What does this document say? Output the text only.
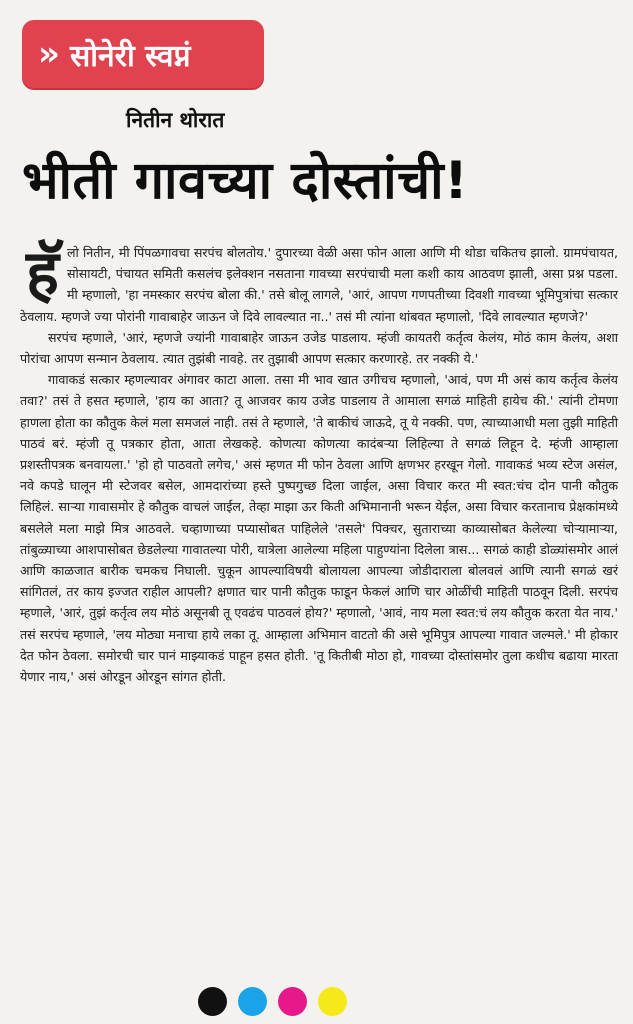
» सोनेरी स्वप्नं
नितीन थोरात
भीती गावच्या दोस्तांची!

हॅ लो नितीन, मी पिंपळगावचा सरपंच बोलतोय.' दुपारच्या वेळी असा फोन आला आणि मी थोडा चकितच झालो. ग्रामपंचायत, सोसायटी, पंचायत समिती कसलंच इलेक्शन नसताना गावच्या सरपंचाची मला कशी काय आठवण झाली, असा प्रश्न पडला. मी म्हणालो, 'हा नमस्कार सरपंच बोला की.' तसे बोलू लागले, 'आरं, आपण गणपतीच्या दिवशी गावच्या भूमिपुत्रांचा सत्कार ठेवलाय. म्हणजे ज्या पोरांनी गावाबाहेर जाऊन जे दिवे लावल्यात ना..' तसं मी त्यांना थांबवत म्हणालो, 'दिवे लावल्यात म्हणजे?'

सरपंच म्हणाले, 'आरं, म्हणजे ज्यांनी गावाबाहेर जाऊन उजेड पाडलाय. म्हंजी कायतरी कर्तृत्व केलंय, मोठं काम केलंय, अशा पोरांचा आपण सन्मान ठेवलाय. त्यात तुझंबी नावहे. तर तुझाबी आपण सत्कार करणारहे. तर नक्की ये.'

गावाकडं सत्कार म्हणल्यावर अंगावर काटा आला. तसा मी भाव खात उगीचच म्हणालो, 'आवं, पण मी असं काय कर्तृत्व केलंय तवा?' तसं ते हसत म्हणाले, 'हाय का आता? तू आजवर काय उजेड पाडलाय ते आमाला सगळं माहिती हायेच की.' त्यांनी टोमणा हाणला होता का कौतुक केलं मला समजलं नाही. तसं ते म्हणाले, 'ते बाकीचं जाऊदे, तू ये नक्की. पण, त्याच्याआधी मला तुझी माहिती पाठवं बरं. म्हंजी तू पत्रकार होता, आता लेखकहे. कोणत्या कोणत्या कादंबऱ्या लिहिल्या ते सगळं लिहून दे. म्हंजी आम्हाला प्रशस्तीपत्रक बनवायला.' 'हो हो पाठवतो लगेच,' असं म्हणत मी फोन ठेवला आणि क्षणभर हरखून गेलो. गावाकडं भव्य स्टेज असंल, नवे कपडे घालून मी स्टेजवर बसेल, आमदारांच्या हस्ते पुष्पगुच्छ दिला जाईल, असा विचार करत मी स्वत:चंच दोन पानी कौतुक लिहिलं. साऱ्या गावासमोर हे कौतुक वाचलं जाईल, तेव्हा माझा ऊर किती अभिमानानी भरून येईल, असा विचार करतानाच प्रेक्षकांमध्ये बसलेले मला माझे मित्र आठवले. चव्हाणाच्या पप्यासोबत पाहिलेले 'तसले' पिक्चर, सुताराच्या काव्यासोबत केलेल्या चोऱ्यामाऱ्या, तांबुळ्याच्या आशपासोबत छेडलेल्या गावातल्या पोरी, यात्रेला आलेल्या महिला पाहुण्यांना दिलेला त्रास... सगळं काही डोळ्यांसमोर आलं आणि काळजात बारीक चमकच निघाली. चुकून आपल्याविषयी बोलायला आपल्या जोडीदाराला बोलवलं आणि त्यानी सगळं खरं सांगितलं, तर काय इज्जत राहील आपली? क्षणात चार पानी कौतुक फाडून फेकलं आणि चार ओळींची माहिती पाठवून दिली. सरपंच म्हणाले, 'आरं, तुझं कर्तृत्व लय मोठं असूनबी तू एवढंच पाठवलं होय?' म्हणालो, 'आवं, नाय मला स्वत:चं लय कौतुक करता येत नाय.' तसं सरपंच म्हणाले, 'लय मोठ्या मनाचा हाये लका तू. आम्हाला अभिमान वाटतो की असे भूमिपुत्र आपल्या गावात जल्मले.' मी होकार देत फोन ठेवला. समोरची चार पानं माझ्याकडं पाहून हसत होती. 'तू कितीबी मोठा हो, गावच्या दोस्तांसमोर तुला कधीच बढाया मारता येणार नाय,' असं ओरडून ओरडून सांगत होती.
